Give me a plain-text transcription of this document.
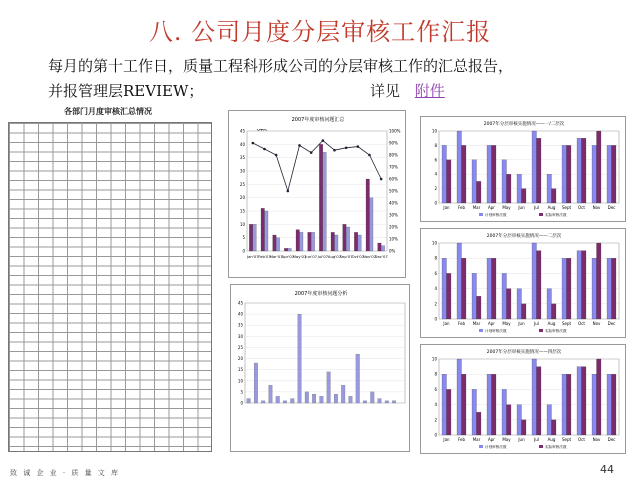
八. 公司月度分层审核工作汇报
每月的第十工作日，质量工程科形成公司的分层审核工作的汇总报告，
并报管理层REVIEW；	详见 附件
各部门月度审核汇总情况
2007年度审核问题汇总
0
5
10
15
20
25
30
35
40
45
0%
10%
20%
30%
40%
50%
60%
70%
80%
90%
100%
Jan'07 Feb'07
Mar'07
Apr'07
May'07
Jun'07 Jul'07 Aug'07
Sep'07
Oct'07
Nov'07
Dec'07
2007年度审核问题分析
0
5
10
15
20
25
30
35
40
45
2007年分层审核实施情况——一/二层次
0
2
4
6
8
10
Jan Feb Mar Apr May Jun Jul Aug Sept Oct Nov Dec
计划审核次数	实际审核次数
2007年分层审核实施情况——二层次
0
2
4
6
8
10
Jan Feb Mar Apr May Jun Jul Aug Sept Oct Nov Dec
计划审核次数	实际审核次数
2007年分层审核实施情况——四层次
0
2
4
6
8
10
Jan Feb Mar Apr May Jun Jul Aug Sept Oct Nov Dec
计划审核次数	实际审核次数
致 诚 企 业 · 质 量 文 库	44
